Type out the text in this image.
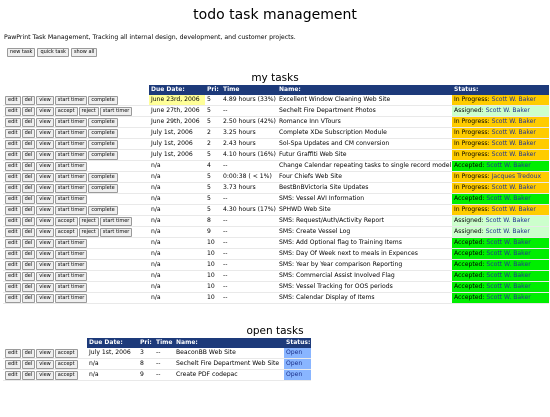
todo task management
PawPrint Task Management, Tracking all internal design, development, and customer projects.
new task	quick task	show all
my tasks
	Due Date:	Pri:	Time	Name:	Status:
edit del view start timer complete	June 23rd, 2006	5	4.89 hours (33%)	Excellent Window Cleaning Web Site	In Progress: Scott W. Baker
edit del view accept reject start timer	June 27th, 2006	5	--	Sechelt Fire Department Photos	Assigned: Scott W. Baker
edit del view start timer complete	June 29th, 2006	5	2.50 hours (42%)	Romance Inn VTours	In Progress: Scott W. Baker
edit del view start timer complete	July 1st, 2006	2	3.25 hours	Complete XDe Subscription Module	In Progress: Scott W. Baker
edit del view start timer complete	July 1st, 2006	2	2.43 hours	Sol-Spa Updates and CM conversion	In Progress: Scott W. Baker
edit del view start timer complete	July 1st, 2006	5	4.10 hours (16%)	Futur Graffiti Web Site	In Progress: Scott W. Baker
edit del view start timer	n/a	4	--	Change Calendar repeating tasks to single record model	Accepted: Scott W. Baker
edit del view start timer complete	n/a	5	0:00:38 ( < 1%)	Four Chiefs Web Site	In Progress: Jacques Tredoux
edit del view start timer complete	n/a	5	3.73 hours	BestBnBVictoria Site Updates	In Progress: Scott W. Baker
edit del view start timer	n/a	5	--	SMS: Vessel AVI Information	Accepted: Scott W. Baker
edit del view start timer complete	n/a	5	4.30 hours (17%)	SPHWD Web Site	In Progress: Scott W. Baker
edit del view accept reject start timer	n/a	8	--	SMS: Request/Auth/Activity Report	Assigned: Scott W. Baker
edit del view accept reject start timer	n/a	9	--	SMS: Create Vessel Log	Assigned: Scott W. Baker
edit del view start timer	n/a	10	--	SMS: Add Optional flag to Training Items	Accepted: Scott W. Baker
edit del view start timer	n/a	10	--	SMS: Day Of Week next to meals in Expences	Accepted: Scott W. Baker
edit del view start timer	n/a	10	--	SMS: Year by Year comparison Reporting	Accepted: Scott W. Baker
edit del view start timer	n/a	10	--	SMS: Commercial Assist Involved Flag	Accepted: Scott W. Baker
edit del view start timer	n/a	10	--	SMS: Vessel Tracking for OOS periods	Accepted: Scott W. Baker
edit del view start timer	n/a	10	--	SMS: Calendar Display of Items	Accepted: Scott W. Baker
open tasks
	Due Date:	Pri:	Time	Name:	Status:
edit del view accept	July 1st, 2006	3	--	BeaconBB Web Site	Open
edit del view accept	n/a	8	--	Sechelt Fire Department Web Site	Open
edit del view accept	n/a	9	--	Create PDF codepac	Open
